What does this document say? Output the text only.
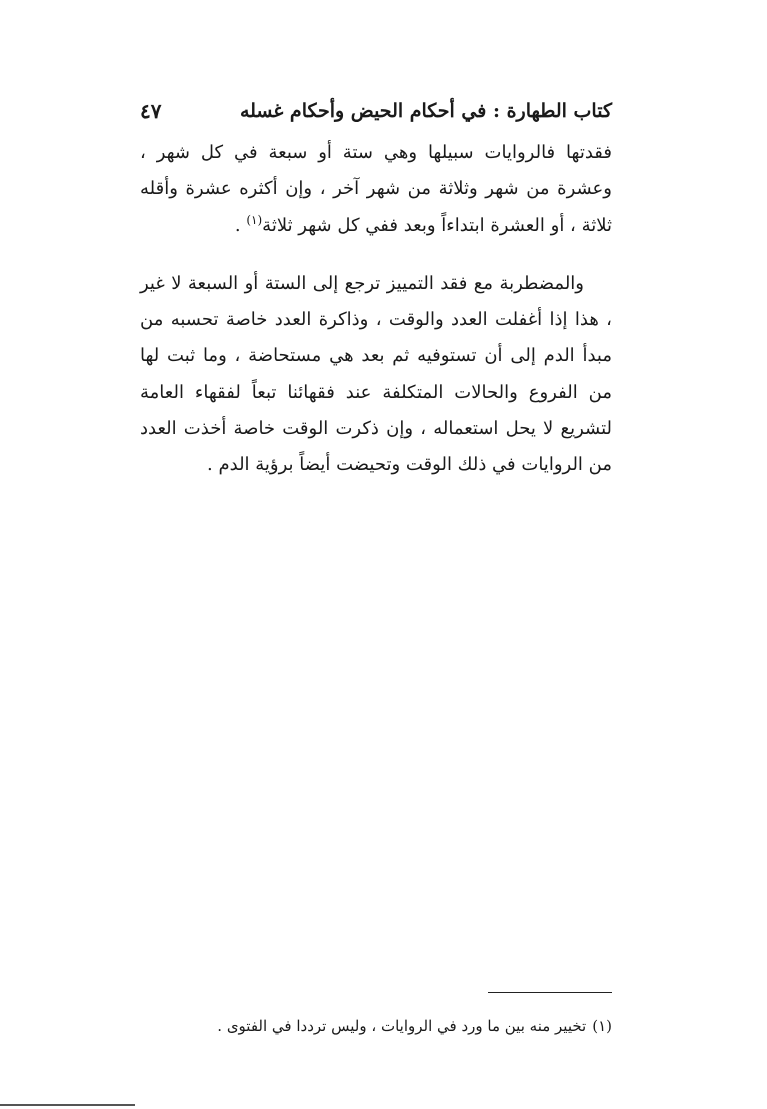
كتاب الطهارة : في أحكام الحيض وأحكام غسله
٤٧

فقدتها فالروايات سبيلها وهي ستة أو سبعة في كل شهر ، وعشرة من شهر وثلاثة من شهر آخر ، وإن أكثره عشرة وأقله ثلاثة ، أو العشرة ابتداءاً وبعد ففي كل شهر ثلاثة$^{(١)}$ .

والمضطربة مع فقد التمييز ترجع إلى الستة أو السبعة لا غير ، هذا إذا أغفلت العدد والوقت ، وذاكرة العدد خاصة تحسبه من مبدأ الدم إلى أن تستوفيه ثم بعد هي مستحاضة ، وما ثبت لها من الفروع والحالات المتكلفة عند فقهائنا تبعاً لفقهاء العامة لتشريع لا يحل استعماله ، وإن ذكرت الوقت خاصة أخذت العدد من الروايات في ذلك الوقت وتحيضت أيضاً برؤية الدم .

(١)تخيير منه بين ما ورد في الروايات ، وليس ترددا في الفتوى .
